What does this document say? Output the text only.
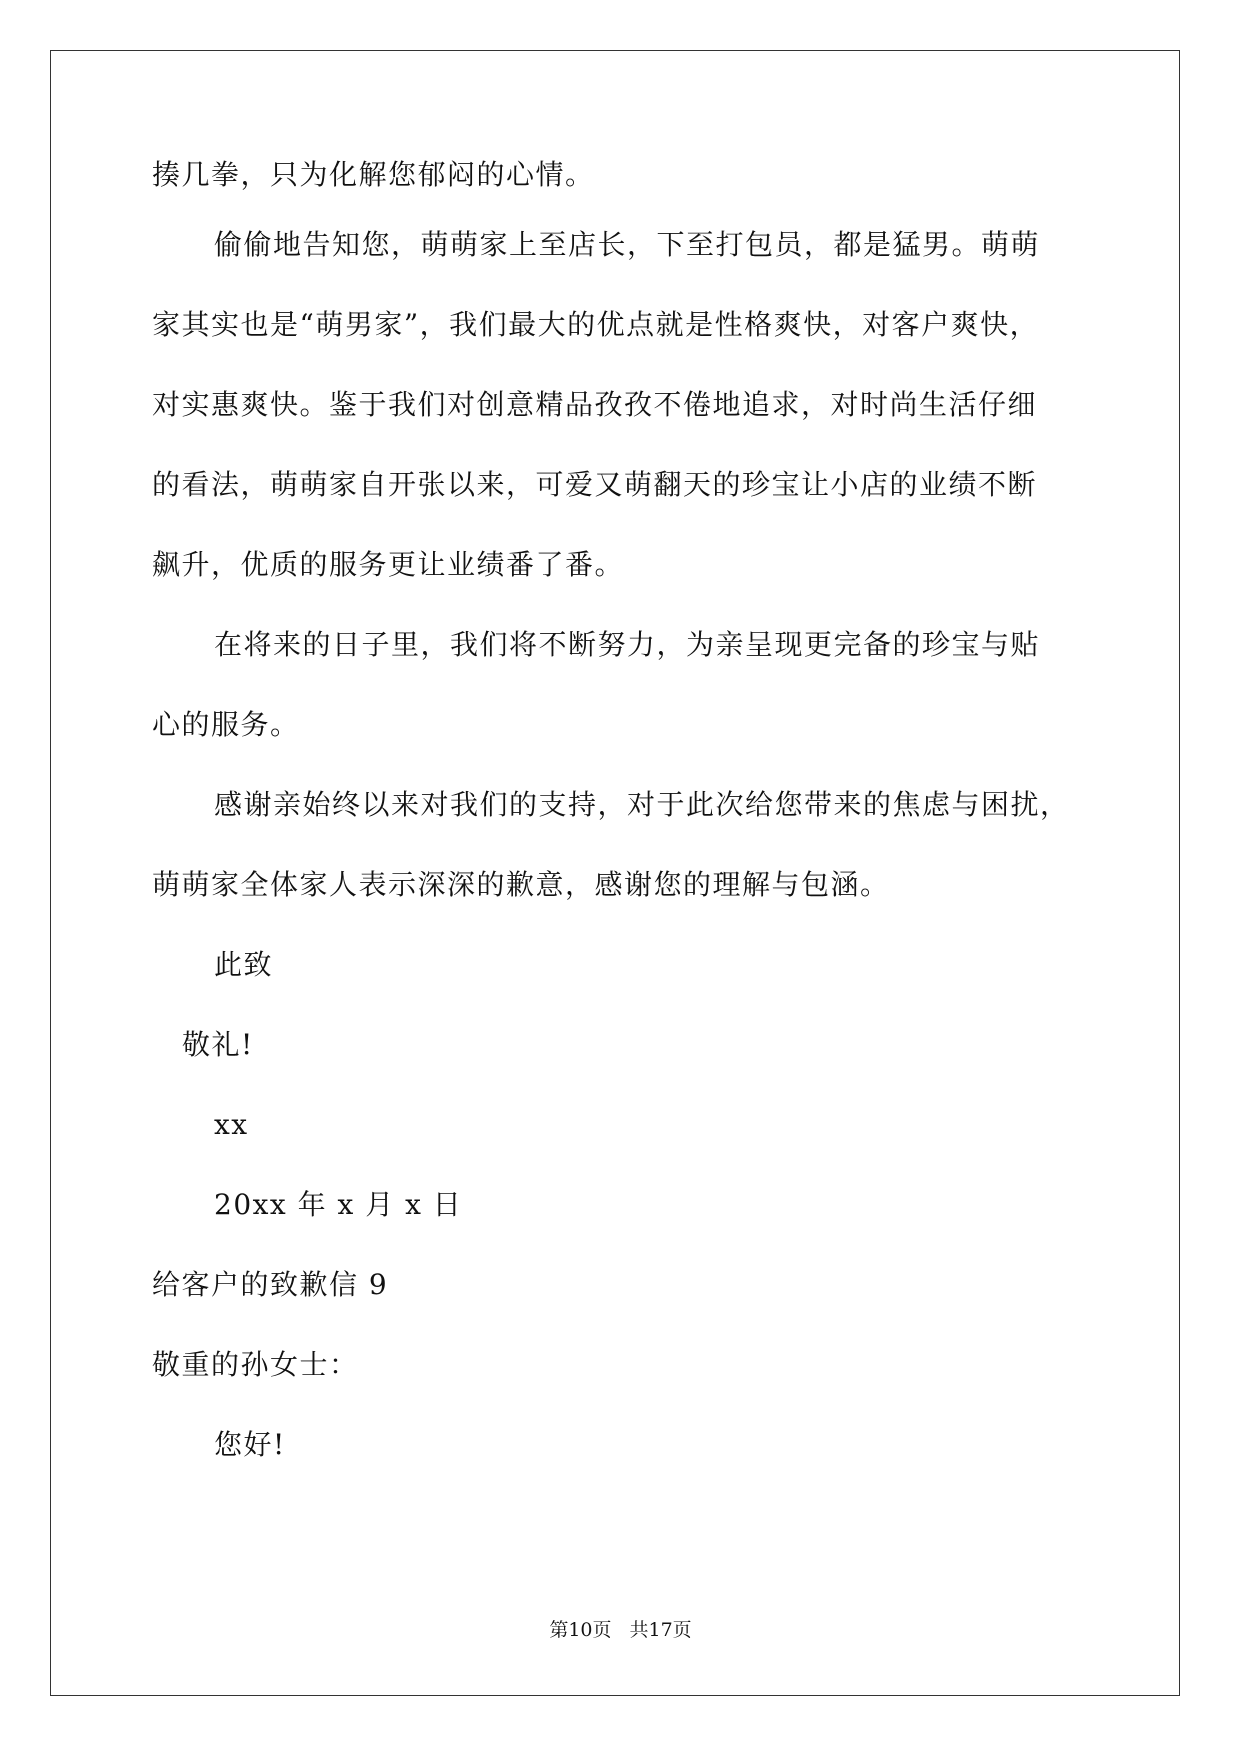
揍几拳，只为化解您郁闷的心情。
偷偷地告知您，萌萌家上至店长，下至打包员，都是猛男。萌萌
家其实也是“萌男家”，我们最大的优点就是性格爽快，对客户爽快，
对实惠爽快。鉴于我们对创意精品孜孜不倦地追求，对时尚生活仔细
的看法，萌萌家自开张以来，可爱又萌翻天的珍宝让小店的业绩不断
飙升，优质的服务更让业绩番了番。
在将来的日子里，我们将不断努力，为亲呈现更完备的珍宝与贴
心的服务。
感谢亲始终以来对我们的支持，对于此次给您带来的焦虑与困扰，
萌萌家全体家人表示深深的歉意，感谢您的理解与包涵。
此致
敬礼!
xx
20xx 年 x 月 x 日
给客户的致歉信 9
敬重的孙女士：
您好!
第10页 共17页
